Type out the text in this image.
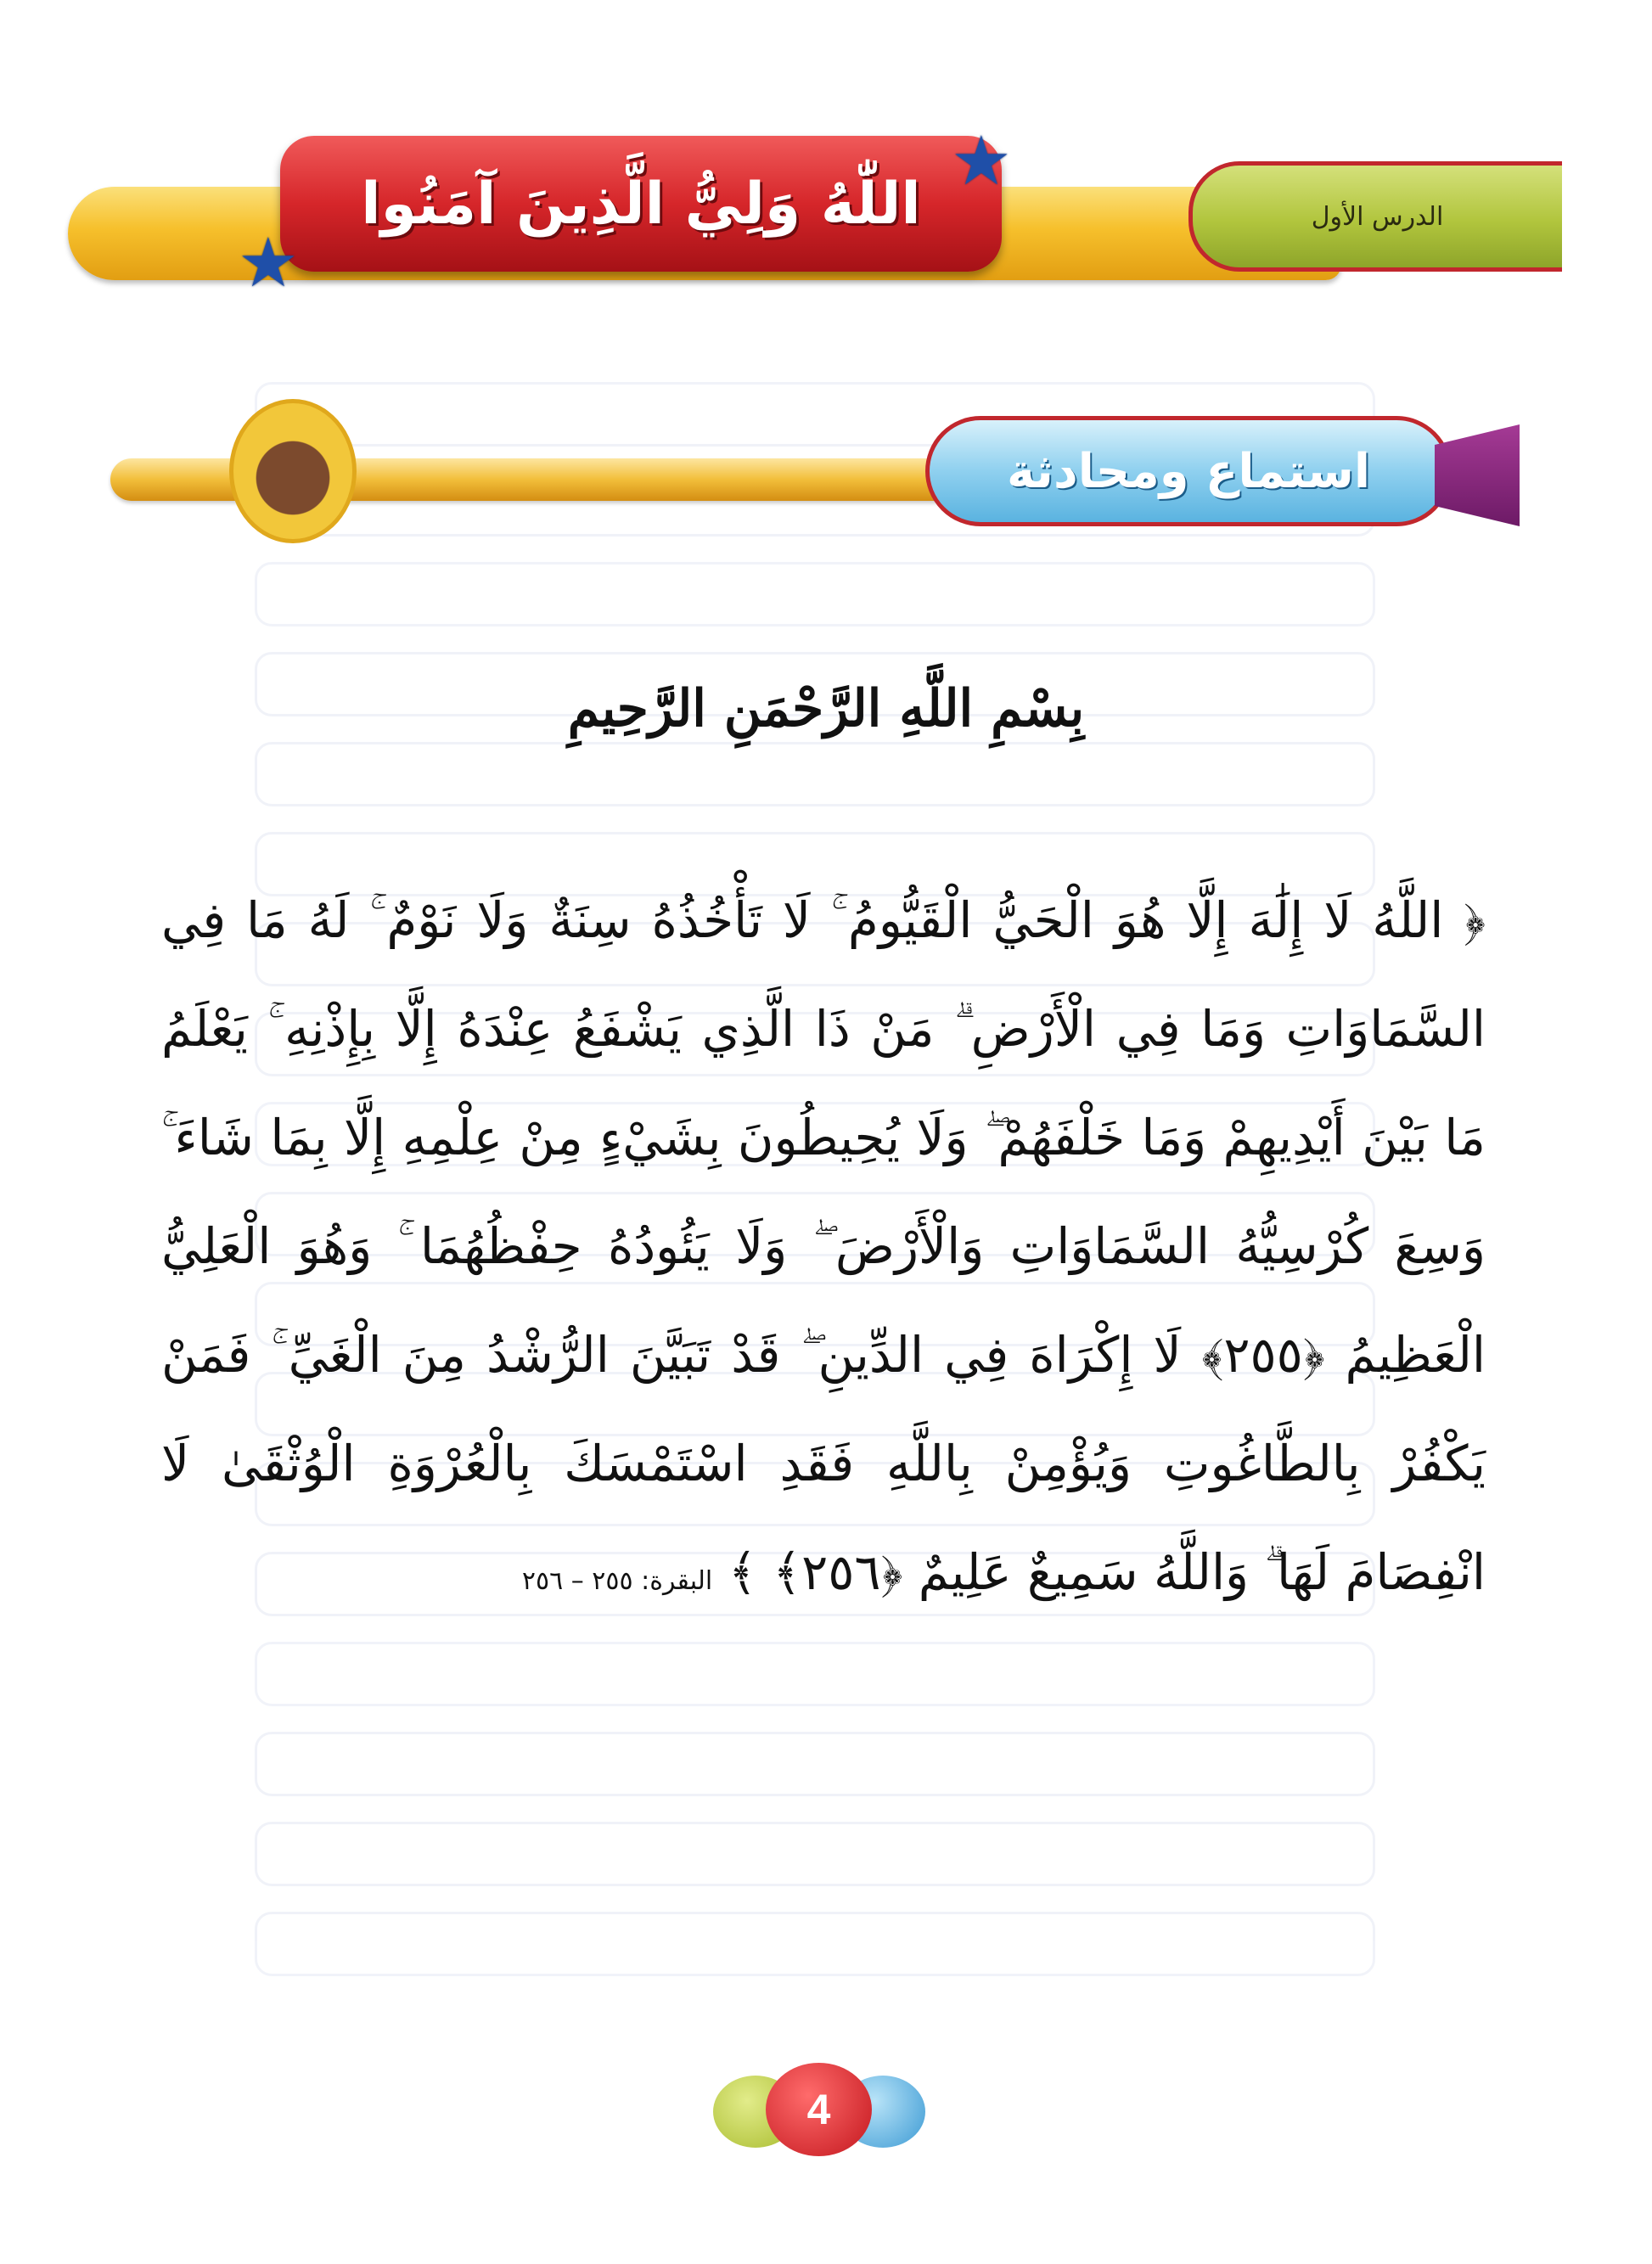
الدرس الأول
اللّٰهُ وَلِيُّ الَّذِينَ آمَنُوا
★
★
استماع ومحادثة
بِسْمِ اللَّهِ الرَّحْمَنِ الرَّحِيمِ
﴿ اللَّهُ لَا إِلَٰهَ إِلَّا هُوَ الْحَيُّ الْقَيُّومُ ۚ لَا تَأْخُذُهُ سِنَةٌ وَلَا نَوْمٌ ۚ لَهُ مَا فِي السَّمَاوَاتِ وَمَا فِي الْأَرْضِ ۗ مَنْ ذَا الَّذِي يَشْفَعُ عِنْدَهُ إِلَّا بِإِذْنِهِ ۚ يَعْلَمُ مَا بَيْنَ أَيْدِيهِمْ وَمَا خَلْفَهُمْ ۖ وَلَا يُحِيطُونَ بِشَيْءٍ مِنْ عِلْمِهِ إِلَّا بِمَا شَاءَ ۚ وَسِعَ كُرْسِيُّهُ السَّمَاوَاتِ وَالْأَرْضَ ۖ وَلَا يَئُودُهُ حِفْظُهُمَا ۚ وَهُوَ الْعَلِيُّ الْعَظِيمُ ﴿٢٥٥﴾ لَا إِكْرَاهَ فِي الدِّينِ ۖ قَدْ تَبَيَّنَ الرُّشْدُ مِنَ الْغَيِّ ۚ فَمَنْ يَكْفُرْ بِالطَّاغُوتِ وَيُؤْمِنْ بِاللَّهِ فَقَدِ اسْتَمْسَكَ بِالْعُرْوَةِ الْوُثْقَىٰ لَا انْفِصَامَ لَهَا ۗ وَاللَّهُ سَمِيعٌ عَلِيمٌ ﴿٢٥٦﴾ ﴾ البقرة: ٢٥٥ – ٢٥٦
4
